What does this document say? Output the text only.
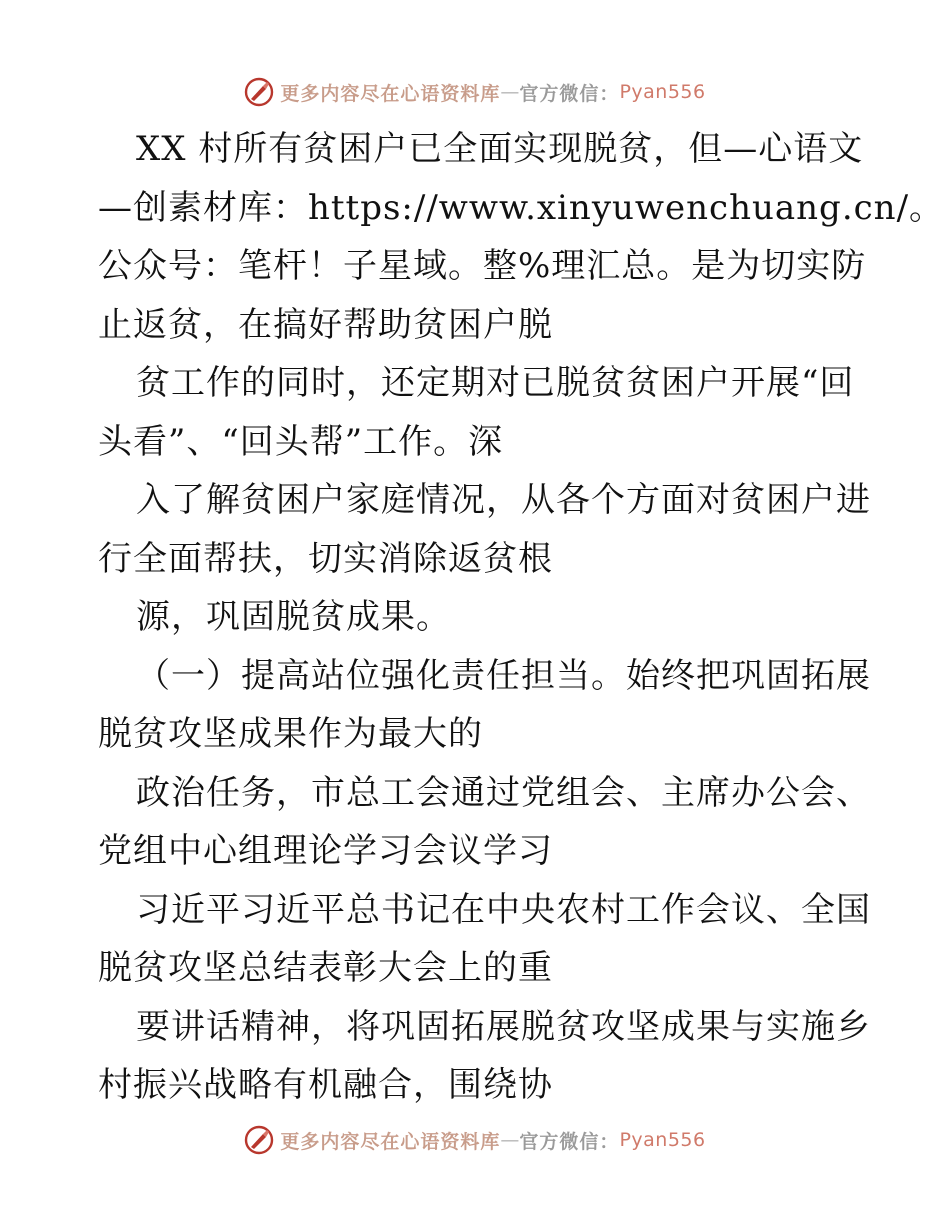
更多内容尽在心语资料库 — 官方微信： Pyan556
XX 村所有贫困户已全面实现脱贫，但—心语文
—创素材库：https://www.xinyuwenchuang.cn/。
公众号：笔杆！子星域。整%理汇总。是为切实防
止返贫，在搞好帮助贫困户脱
贫工作的同时，还定期对已脱贫贫困户开展“回
头看”、“回头帮”工作。深
入了解贫困户家庭情况，从各个方面对贫困户进
行全面帮扶，切实消除返贫根
源，巩固脱贫成果。
（一）提高站位强化责任担当。始终把巩固拓展
脱贫攻坚成果作为最大的
政治任务，市总工会通过党组会、主席办公会、
党组中心组理论学习会议学习
习近平习近平总书记在中央农村工作会议、全国
脱贫攻坚总结表彰大会上的重
要讲话精神，将巩固拓展脱贫攻坚成果与实施乡
村振兴战略有机融合，围绕协
更多内容尽在心语资料库 — 官方微信： Pyan556
